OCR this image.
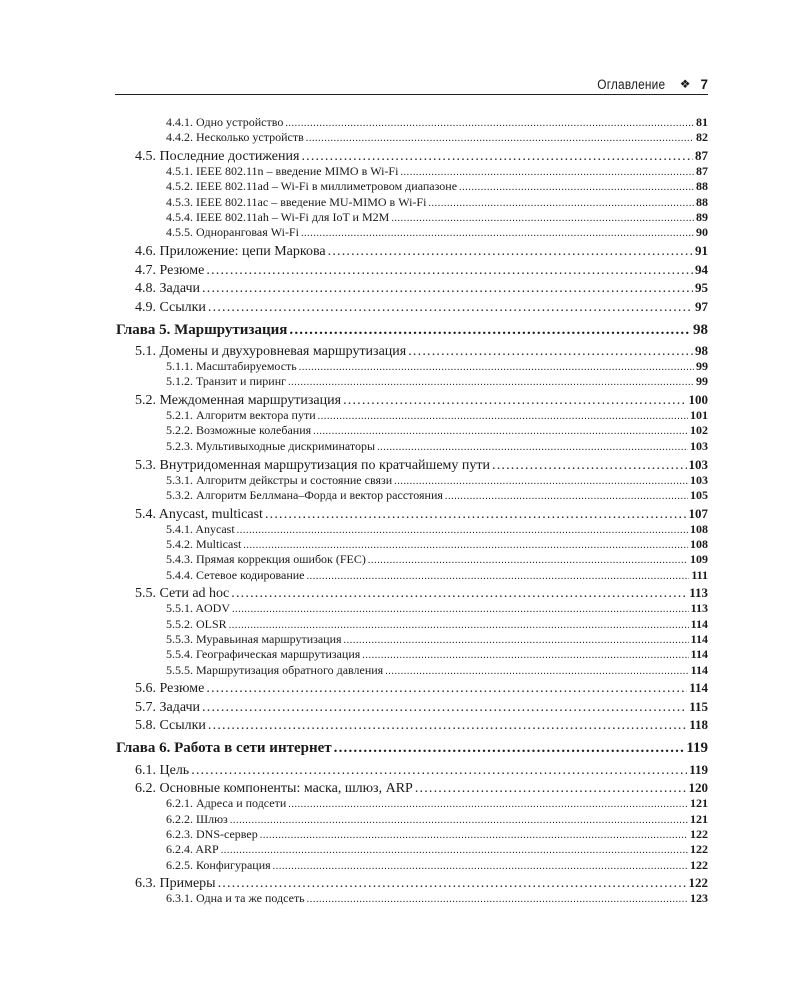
Оглавление ❖ 7
4.4.1. Одно устройство .....	81
4.4.2. Несколько устройств .....	82
4.5. Последние достижения .....	87
4.5.1. IEEE 802.11n – введение MIMO в Wi-Fi .....	87
4.5.2. IEEE 802.11ad – Wi-Fi в миллиметровом диапазоне .....	88
4.5.3. IEEE 802.11ac – введение MU-MIMO в Wi-Fi .....	88
4.5.4. IEEE 802.11ah – Wi-Fi для IoT и M2M .....	89
4.5.5. Одноранговая Wi-Fi .....	90
4.6. Приложение: цепи Маркова .....	91
4.7. Резюме .....	94
4.8. Задачи .....	95
4.9. Ссылки .....	97
Глава 5. Маршрутизация .....	98
5.1. Домены и двухуровневая маршрутизация .....	98
5.1.1. Масштабируемость .....	99
5.1.2. Транзит и пиринг .....	99
5.2. Междоменная маршрутизация .....	100
5.2.1. Алгоритм вектора пути .....	101
5.2.2. Возможные колебания .....	102
5.2.3. Мультивыходные дискриминаторы .....	103
5.3. Внутридоменная маршрутизация по кратчайшему пути .....	103
5.3.1. Алгоритм дейкстры и состояние связи .....	103
5.3.2. Алгоритм Беллмана–Форда и вектор расстояния .....	105
5.4. Anycast, multicast .....	107
5.4.1. Anycast .....	108
5.4.2. Multicast .....	108
5.4.3. Прямая коррекция ошибок (FEC) .....	109
5.4.4. Сетевое кодирование .....	111
5.5. Сети ad hoc .....	113
5.5.1. AODV .....	113
5.5.2. OLSR .....	114
5.5.3. Муравьиная маршрутизация .....	114
5.5.4. Географическая маршрутизация .....	114
5.5.5. Маршрутизация обратного давления .....	114
5.6. Резюме .....	114
5.7. Задачи .....	115
5.8. Ссылки .....	118
Глава 6. Работа в сети интернет .....	119
6.1. Цель .....	119
6.2. Основные компоненты: маска, шлюз, ARP .....	120
6.2.1. Адреса и подсети .....	121
6.2.2. Шлюз .....	121
6.2.3. DNS-сервер .....	122
6.2.4. ARP .....	122
6.2.5. Конфигурация .....	122
6.3. Примеры .....	122
6.3.1. Одна и та же подсеть .....	123
